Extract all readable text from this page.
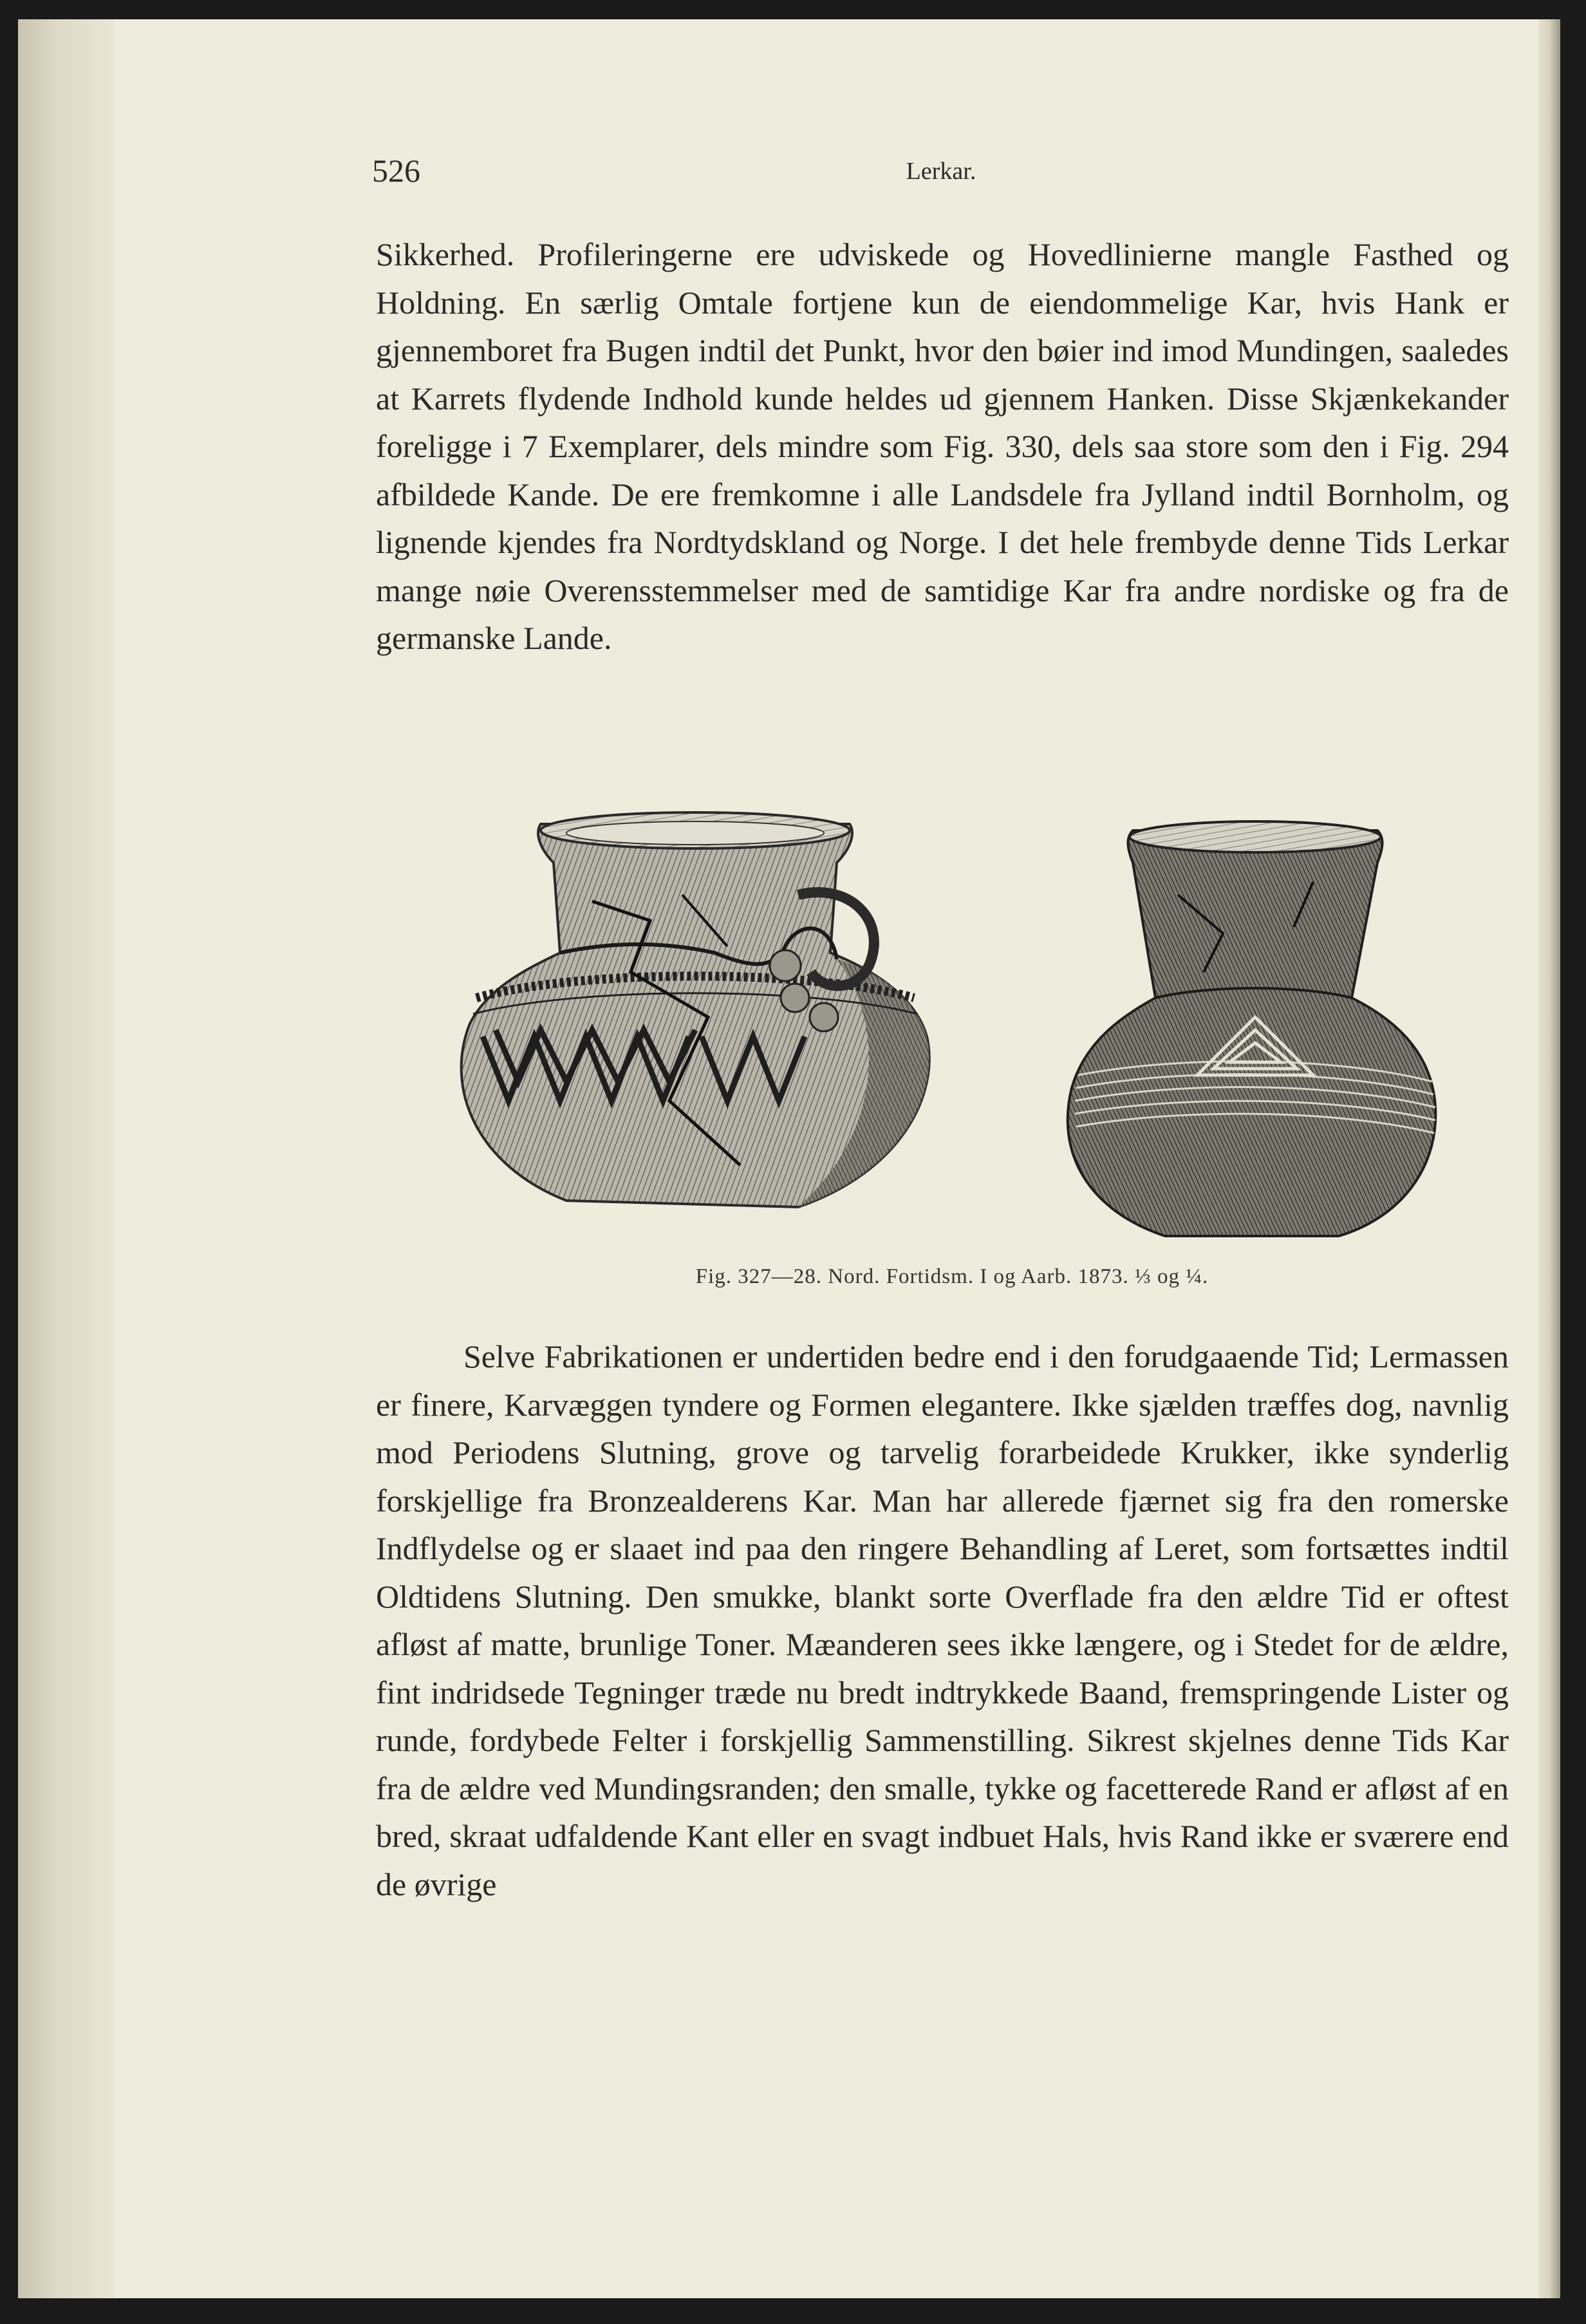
526	Lerkar.

Sikkerhed. Profileringerne ere udviskede og Hovedlinierne mangle Fasthed og Holdning. En særlig Omtale fortjene kun de eiendommelige Kar, hvis Hank er gjennemboret fra Bugen indtil det Punkt, hvor den bøier ind imod Mundingen, saaledes at Karrets flydende Indhold kunde heldes ud gjennem Hanken. Disse Skjænkekander foreligge i 7 Exemplarer, dels mindre som Fig. 330, dels saa store som den i Fig. 294 afbildede Kande. De ere fremkomne i alle Landsdele fra Jylland indtil Bornholm, og lignende kjendes fra Nordtydskland og Norge. I det hele frembyde denne Tids Lerkar mange nøie Overensstemmelser med de samtidige Kar fra andre nordiske og fra de germanske Lande.

Fig. 327—28. Nord. Fortidsm. I og Aarb. 1873. ⅓ og ¼.

Selve Fabrikationen er undertiden bedre end i den forudgaaende Tid; Lermassen er finere, Karvæggen tyndere og Formen elegantere. Ikke sjælden træffes dog, navnlig mod Periodens Slutning, grove og tarvelig forarbeidede Krukker, ikke synderlig forskjellige fra Bronzealderens Kar. Man har allerede fjærnet sig fra den romerske Indflydelse og er slaaet ind paa den ringere Behandling af Leret, som fortsættes indtil Oldtidens Slutning. Den smukke, blankt sorte Overflade fra den ældre Tid er oftest afløst af matte, brunlige Toner. Mæanderen sees ikke længere, og i Stedet for de ældre, fint indridsede Tegninger træde nu bredt indtrykkede Baand, fremspringende Lister og runde, fordybede Felter i forskjellig Sammenstilling. Sikrest skjelnes denne Tids Kar fra de ældre ved Mundingsranden; den smalle, tykke og facetterede Rand er afløst af en bred, skraat udfaldende Kant eller en svagt indbuet Hals, hvis Rand ikke er sværere end de øvrige
